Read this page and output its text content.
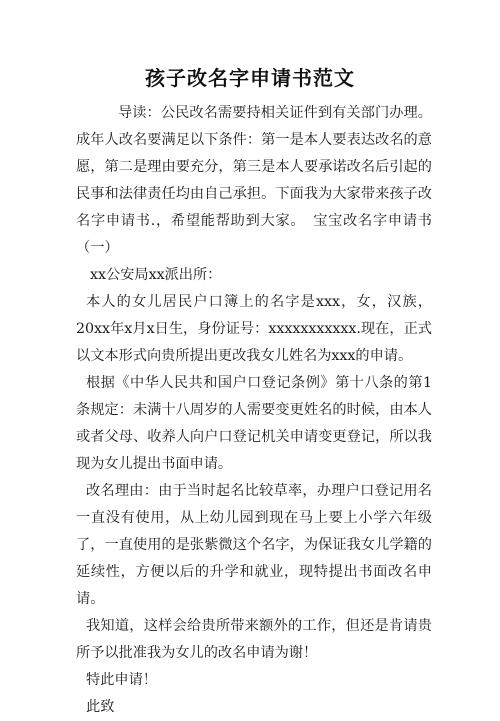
孩子改名字申请书范文

导读：公民改名需要持相关证件到有关部门办理。成年人改名要满足以下条件：第一是本人要表达改名的意愿，第二是理由要充分，第三是本人要承诺改名后引起的民事和法律责任均由自己承担。下面我为大家带来孩子改名字申请书.，希望能帮助到大家。　宝宝改名字申请书（一）

xx公安局xx派出所：

本人的女儿居民户口簿上的名字是xxx，女，汉族，20xx年x月x日生，身份证号：xxxxxxxxxxx.现在，正式以文本形式向贵所提出更改我女儿姓名为xxx的申请。

根据《中华人民共和国户口登记条例》第十八条的第1条规定：未满十八周岁的人需要变更姓名的时候，由本人或者父母、收养人向户口登记机关申请变更登记，所以我现为女儿提出书面申请。

改名理由：由于当时起名比较草率，办理户口登记用名一直没有使用，从上幼儿园到现在马上要上小学六年级了，一直使用的是张紫微这个名字，为保证我女儿学籍的延续性，方便以后的升学和就业，现特提出书面改名申请。

我知道，这样会给贵所带来额外的工作，但还是肯请贵所予以批准我为女儿的改名申请为谢！

特此申请！

此致
